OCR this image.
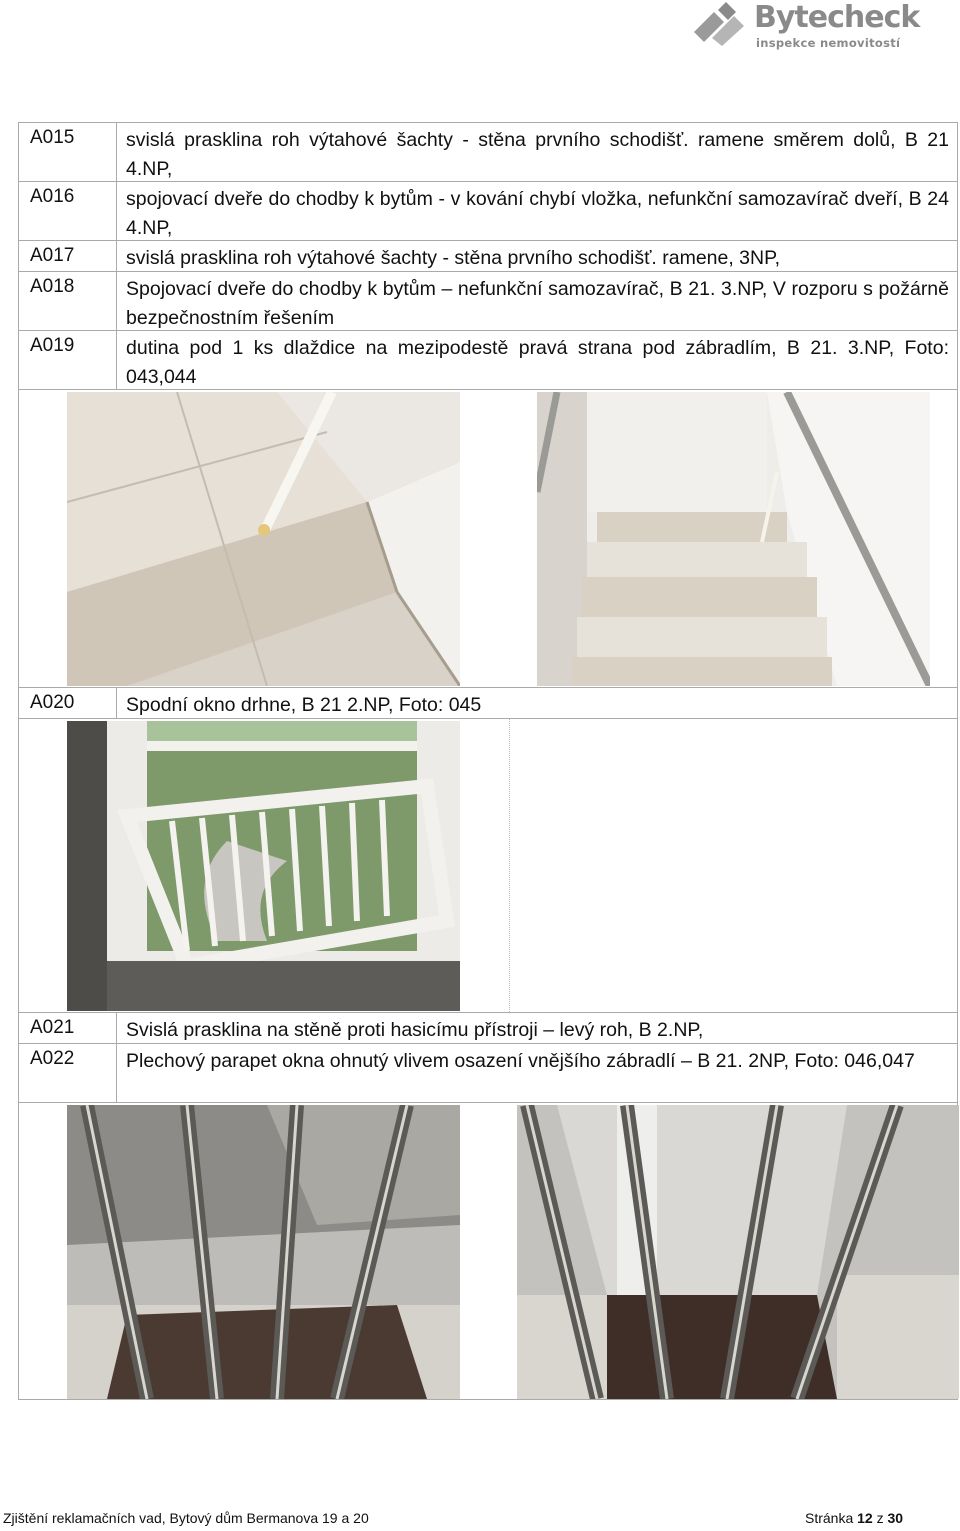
Bytecheck
inspekce nemovitostí
A015	svislá prasklina roh výtahové šachty - stěna prvního schodišť. ramene směrem dolů, B 21 4.NP,
A016	spojovací dveře do chodby k bytům - v kování chybí vložka, nefunkční samozavírač dveří, B 24 4.NP,
A017	svislá prasklina roh výtahové šachty - stěna prvního schodišť. ramene, 3NP,
A018	Spojovací dveře do chodby k bytům – nefunkční samozavírač, B 21. 3.NP, V rozporu s požárně bezpečnostním řešením
A019	dutina pod 1 ks dlaždice na mezipodestě pravá strana pod zábradlím, B 21. 3.NP, Foto: 043,044
A020	Spodní okno drhne, B 21 2.NP, Foto: 045
A021	Svislá prasklina na stěně proti hasicímu přístroji – levý roh, B 2.NP,
A022	Plechový parapet okna ohnutý vlivem osazení vnějšího zábradlí – B 21. 2NP, Foto: 046,047
Zjištění reklamačních vad, Bytový dům Bermanova 19 a 20	Stránka 12 z 30
